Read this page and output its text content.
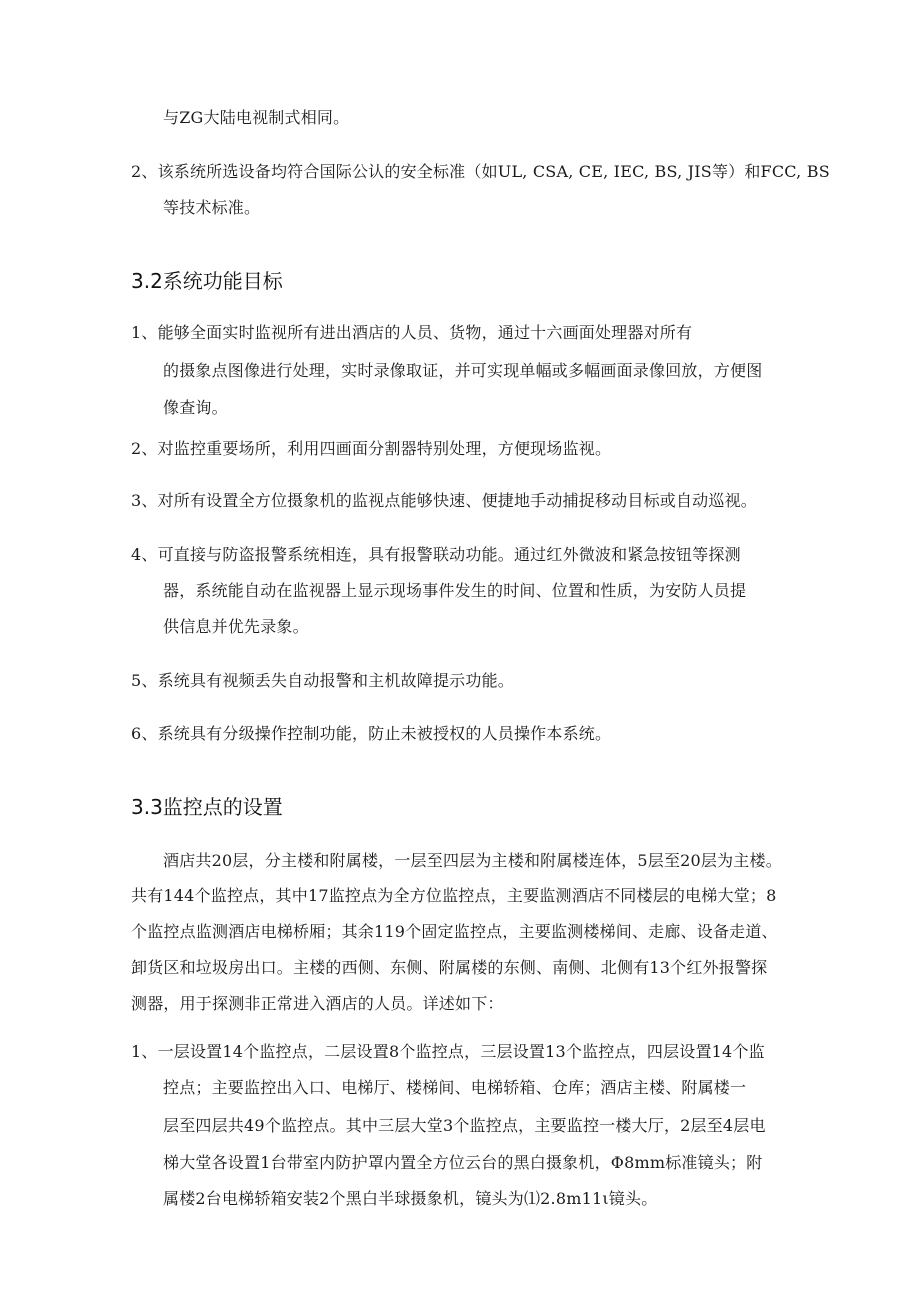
与ZG大陆电视制式相同。
2、该系统所选设备均符合国际公认的安全标准（如UL, CSA, CE, IEC, BS, JIS等）和FCC, BS
等技术标准。
3.2系统功能目标
1、能够全面实时监视所有进出酒店的人员、货物，通过十六画面处理器对所有
的摄象点图像进行处理，实时录像取证，并可实现单幅或多幅画面录像回放，方便图
像查询。
2、对监控重要场所，利用四画面分割器特别处理，方便现场监视。
3、对所有设置全方位摄象机的监视点能够快速、便捷地手动捕捉移动目标或自动巡视。
4、可直接与防盗报警系统相连，具有报警联动功能。通过红外微波和紧急按钮等探测
器，系统能自动在监视器上显示现场事件发生的时间、位置和性质，为安防人员提
供信息并优先录象。
5、系统具有视频丢失自动报警和主机故障提示功能。
6、系统具有分级操作控制功能，防止未被授权的人员操作本系统。
3.3监控点的设置
酒店共20层，分主楼和附属楼，一层至四层为主楼和附属楼连体，5层至20层为主楼。
共有144个监控点，其中17监控点为全方位监控点，主要监测酒店不同楼层的电梯大堂；8
个监控点监测酒店电梯桥厢；其余119个固定监控点，主要监测楼梯间、走廊、设备走道、
卸货区和垃圾房出口。主楼的西侧、东侧、附属楼的东侧、南侧、北侧有13个红外报警探
测器，用于探测非正常进入酒店的人员。详述如下：
1、一层设置14个监控点，二层设置8个监控点，三层设置13个监控点，四层设置14个监
控点；主要监控出入口、电梯厅、楼梯间、电梯轿箱、仓库；酒店主楼、附属楼一
层至四层共49个监控点。其中三层大堂3个监控点，主要监控一楼大厅，2层至4层电
梯大堂各设置1台带室内防护罩内置全方位云台的黑白摄象机，Φ8mm标准镜头；附
属楼2台电梯轿箱安装2个黑白半球摄象机，镜头为⑴2.8m11ι镜头。
